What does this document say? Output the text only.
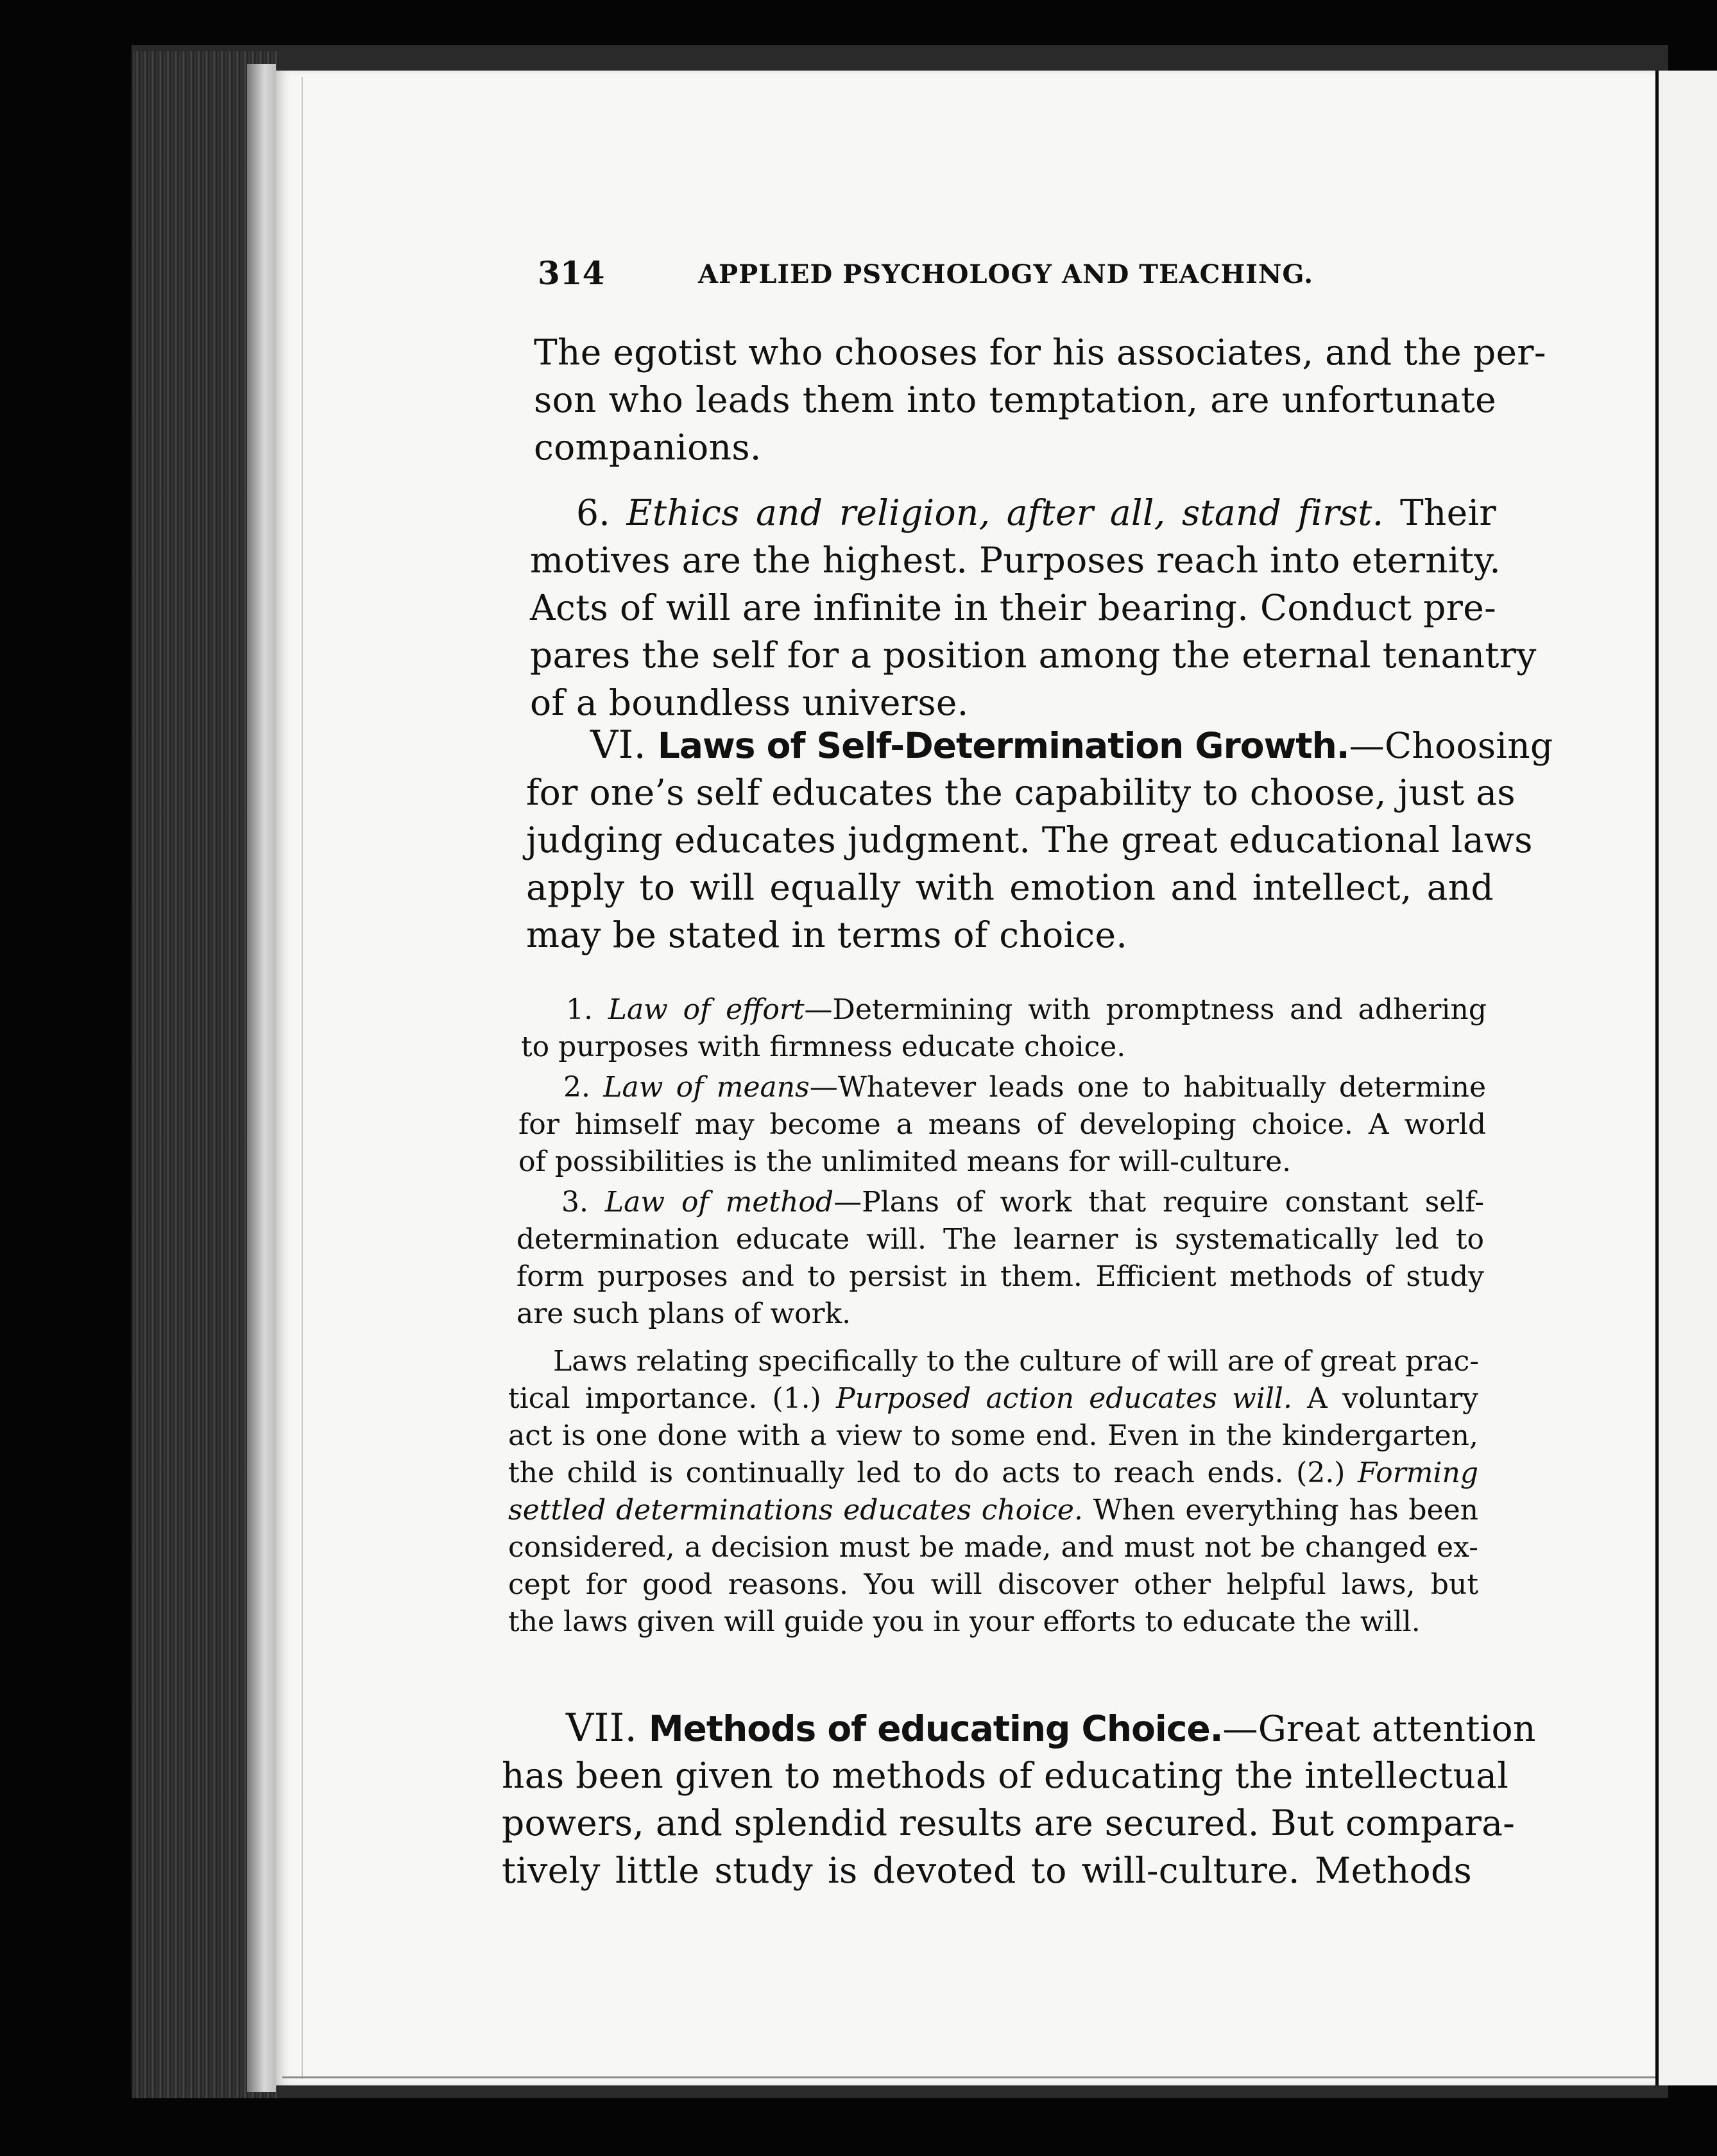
314	APPLIED PSYCHOLOGY AND TEACHING.
The egotist who chooses for his associates, and the per-
son who leads them into temptation, are unfortunate
companions.
6. Ethics and religion, after all, stand first. Their
motives are the highest. Purposes reach into eternity.
Acts of will are infinite in their bearing. Conduct pre-
pares the self for a position among the eternal tenantry
of a boundless universe.
VI. Laws of Self-Determination Growth.—Choosing
for one’s self educates the capability to choose, just as
judging educates judgment. The great educational laws
apply to will equally with emotion and intellect, and
may be stated in terms of choice.
1. Law of effort—Determining with promptness and adhering
to purposes with firmness educate choice.
2. Law of means—Whatever leads one to habitually determine
for himself may become a means of developing choice. A world
of possibilities is the unlimited means for will-culture.
3. Law of method—Plans of work that require constant self-
determination educate will. The learner is systematically led to
form purposes and to persist in them. Efficient methods of study
are such plans of work.
Laws relating specifically to the culture of will are of great prac-
tical importance. (1.) Purposed action educates will. A voluntary
act is one done with a view to some end. Even in the kindergarten,
the child is continually led to do acts to reach ends. (2.) Forming
settled determinations educates choice. When everything has been
considered, a decision must be made, and must not be changed ex-
cept for good reasons. You will discover other helpful laws, but
the laws given will guide you in your efforts to educate the will.
VII. Methods of educating Choice.—Great attention
has been given to methods of educating the intellectual
powers, and splendid results are secured. But compara-
tively little study is devoted to will-culture. Methods
